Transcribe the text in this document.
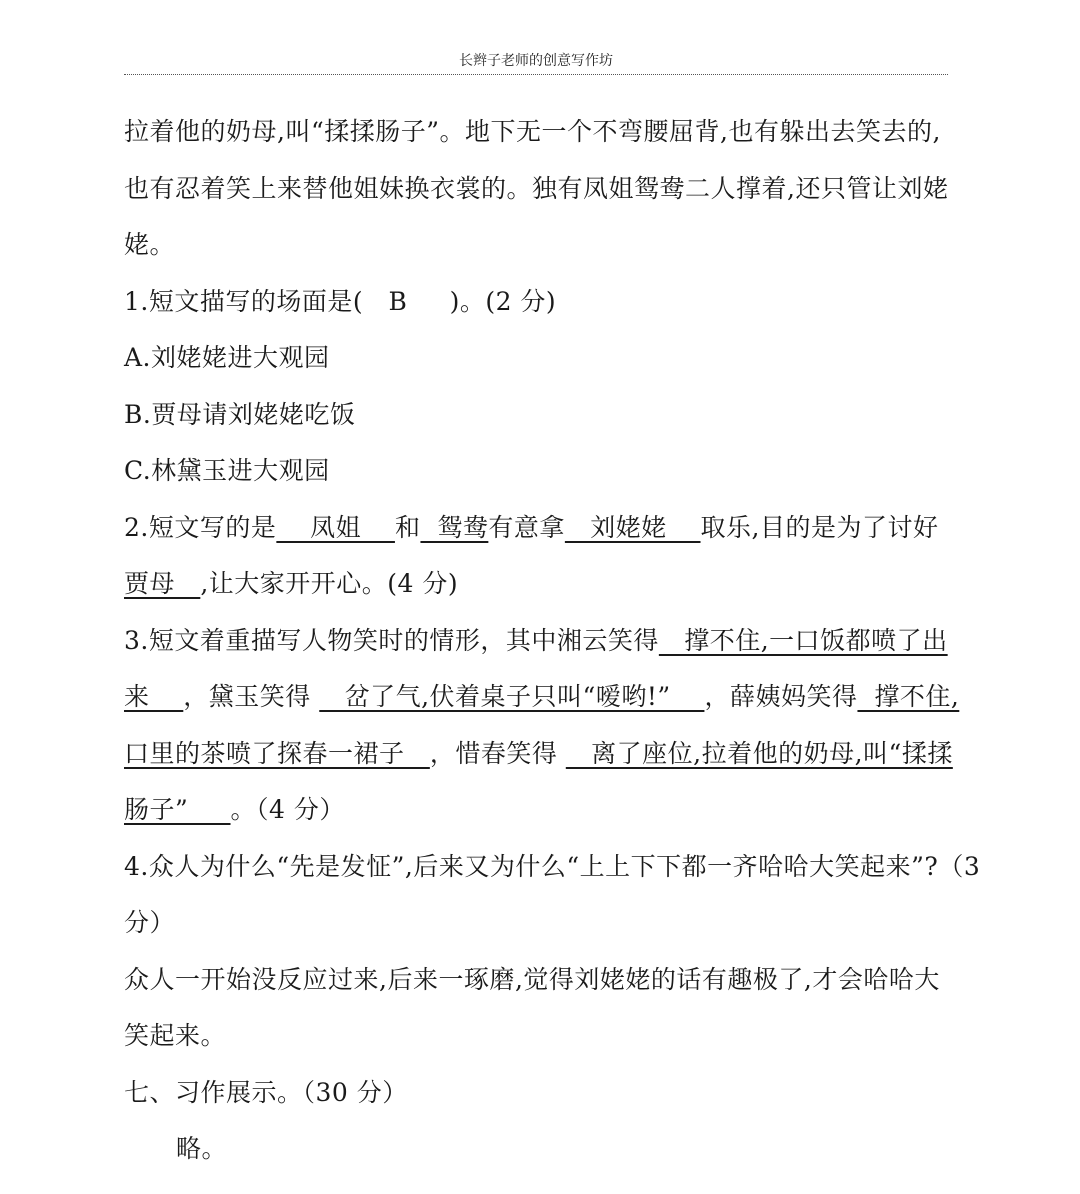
长辫子老师的创意写作坊
拉着他的奶母,叫“揉揉肠子”。地下无一个不弯腰屈背,也有躲出去笑去的,
也有忍着笑上来替他姐妹换衣裳的。独有凤姐鸳鸯二人撑着,还只管让刘姥
姥。
1.短文描写的场面是( B )。(2 分)
A.刘姥姥进大观园
B.贾母请刘姥姥吃饭
C.林黛玉进大观园
2.短文写的是    凤姐    和  鸳鸯有意拿   刘姥姥    取乐,目的是为了讨好
贾母   ,让大家开开心。(4 分)
3.短文着重描写人物笑时的情形，其中湘云笑得   撑不住,一口饭都喷了出
来    ，黛玉笑得    岔了气,伏着桌子只叫“嗳哟!”    ，薛姨妈笑得  撑不住,
口里的茶喷了探春一裙子   ，惜春笑得    离了座位,拉着他的奶母,叫“揉揉
肠子”     。（4 分）
4.众人为什么“先是发怔”,后来又为什么“上上下下都一齐哈哈大笑起来”?（3
分）
众人一开始没反应过来,后来一琢磨,觉得刘姥姥的话有趣极了,才会哈哈大
笑起来。
七、习作展示。（30 分）
略。
